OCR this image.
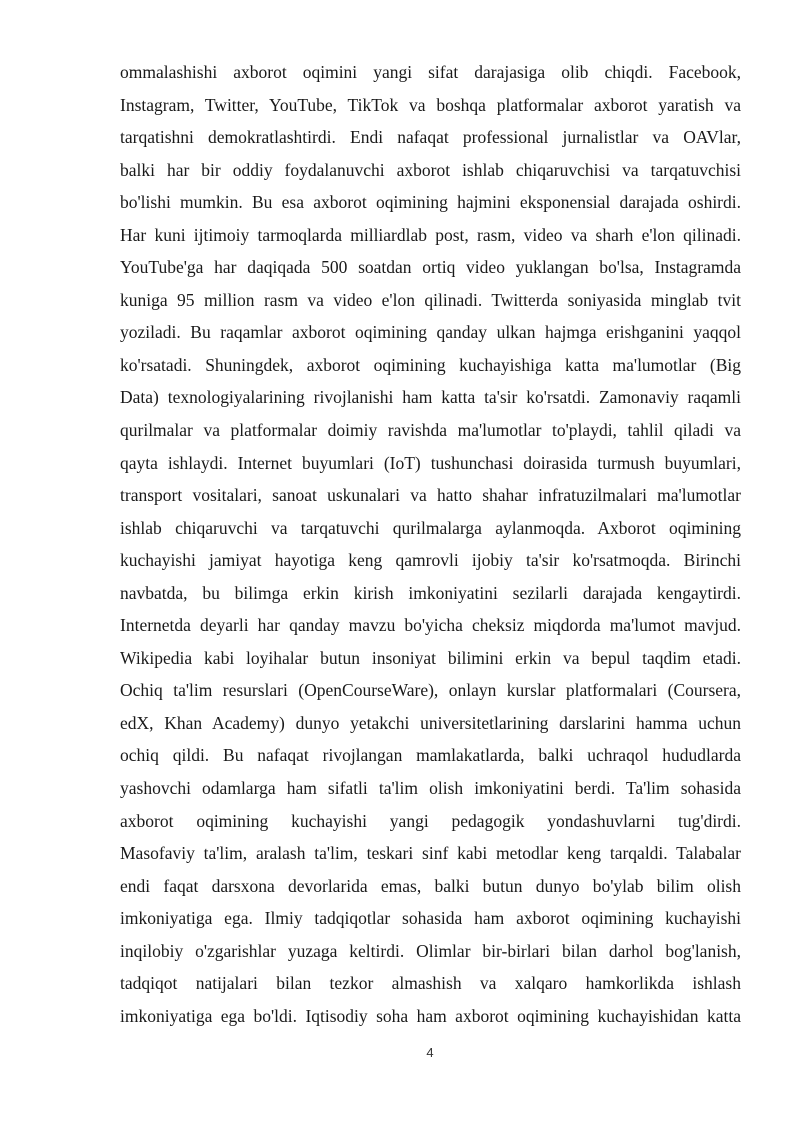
ommalashishi axborot oqimini yangi sifat darajasiga olib chiqdi. Facebook,
Instagram, Twitter, YouTube, TikTok va boshqa platformalar axborot yaratish va
tarqatishni demokratlashtirdi. Endi nafaqat professional jurnalistlar va OAVlar,
balki har bir oddiy foydalanuvchi axborot ishlab chiqaruvchisi va tarqatuvchisi
bo'lishi mumkin. Bu esa axborot oqimining hajmini eksponensial darajada oshirdi.
Har kuni ijtimoiy tarmoqlarda milliardlab post, rasm, video va sharh e'lon qilinadi.
YouTube'ga har daqiqada 500 soatdan ortiq video yuklangan bo'lsa, Instagramda
kuniga 95 million rasm va video e'lon qilinadi. Twitterda soniyasida minglab tvit
yoziladi. Bu raqamlar axborot oqimining qanday ulkan hajmga erishganini yaqqol
ko'rsatadi. Shuningdek, axborot oqimining kuchayishiga katta ma'lumotlar (Big
Data) texnologiyalarining rivojlanishi ham katta ta'sir ko'rsatdi. Zamonaviy raqamli
qurilmalar va platformalar doimiy ravishda ma'lumotlar to'playdi, tahlil qiladi va
qayta ishlaydi. Internet buyumlari (IoT) tushunchasi doirasida turmush buyumlari,
transport vositalari, sanoat uskunalari va hatto shahar infratuzilmalari ma'lumotlar
ishlab chiqaruvchi va tarqatuvchi qurilmalarga aylanmoqda. Axborot oqimining
kuchayishi jamiyat hayotiga keng qamrovli ijobiy ta'sir ko'rsatmoqda. Birinchi
navbatda, bu bilimga erkin kirish imkoniyatini sezilarli darajada kengaytirdi.
Internetda deyarli har qanday mavzu bo'yicha cheksiz miqdorda ma'lumot mavjud.
Wikipedia kabi loyihalar butun insoniyat bilimini erkin va bepul taqdim etadi.
Ochiq ta'lim resurslari (OpenCourseWare), onlayn kurslar platformalari (Coursera,
edX, Khan Academy) dunyo yetakchi universitetlarining darslarini hamma uchun
ochiq qildi. Bu nafaqat rivojlangan mamlakatlarda, balki uchraqol hududlarda
yashovchi odamlarga ham sifatli ta'lim olish imkoniyatini berdi. Ta'lim sohasida
axborot oqimining kuchayishi yangi pedagogik yondashuvlarni tug'dirdi.
Masofaviy ta'lim, aralash ta'lim, teskari sinf kabi metodlar keng tarqaldi. Talabalar
endi faqat darsxona devorlarida emas, balki butun dunyo bo'ylab bilim olish
imkoniyatiga ega. Ilmiy tadqiqotlar sohasida ham axborot oqimining kuchayishi
inqilobiy o'zgarishlar yuzaga keltirdi. Olimlar bir-birlari bilan darhol bog'lanish,
tadqiqot natijalari bilan tezkor almashish va xalqaro hamkorlikda ishlash
imkoniyatiga ega bo'ldi. Iqtisodiy soha ham axborot oqimining kuchayishidan katta
4
